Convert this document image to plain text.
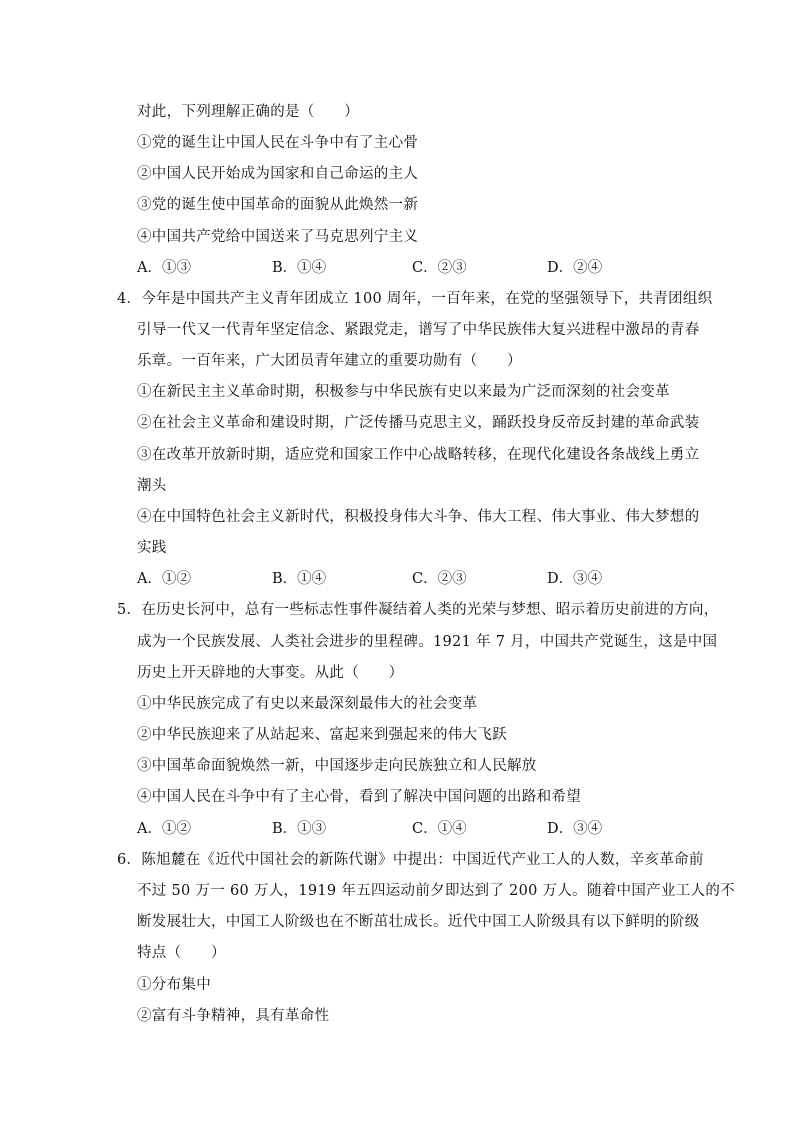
对此，下列理解正确的是（　　）
①党的诞生让中国人民在斗争中有了主心骨
②中国人民开始成为国家和自己命运的主人
③党的诞生使中国革命的面貌从此焕然一新
④中国共产党给中国送来了马克思列宁主义
A．①③	B．①④	C．②③	D．②④
4．今年是中国共产主义青年团成立 100 周年，一百年来，在党的坚强领导下，共青团组织
引导一代又一代青年坚定信念、紧跟党走，谱写了中华民族伟大复兴进程中激昂的青春
乐章。一百年来，广大团员青年建立的重要功勋有（　　）
①在新民主主义革命时期，积极参与中华民族有史以来最为广泛而深刻的社会变革
②在社会主义革命和建设时期，广泛传播马克思主义，踊跃投身反帝反封建的革命武装
③在改革开放新时期，适应党和国家工作中心战略转移，在现代化建设各条战线上勇立
潮头
④在中国特色社会主义新时代，积极投身伟大斗争、伟大工程、伟大事业、伟大梦想的
实践
A．①②	B．①④	C．②③	D．③④
5．在历史长河中，总有一些标志性事件凝结着人类的光荣与梦想、昭示着历史前进的方向，
成为一个民族发展、人类社会进步的里程碑。1921 年 7 月，中国共产党诞生，这是中国
历史上开天辟地的大事变。从此（　　）
①中华民族完成了有史以来最深刻最伟大的社会变革
②中华民族迎来了从站起来、富起来到强起来的伟大飞跃
③中国革命面貌焕然一新，中国逐步走向民族独立和人民解放
④中国人民在斗争中有了主心骨，看到了解决中国问题的出路和希望
A．①②	B．①③	C．①④	D．③④
6．陈旭麓在《近代中国社会的新陈代谢》中提出：中国近代产业工人的人数，辛亥革命前
不过 50 万一 60 万人，1919 年五四运动前夕即达到了 200 万人。随着中国产业工人的不
断发展壮大，中国工人阶级也在不断茁壮成长。近代中国工人阶级具有以下鲜明的阶级
特点（　　）
①分布集中
②富有斗争精神，具有革命性
